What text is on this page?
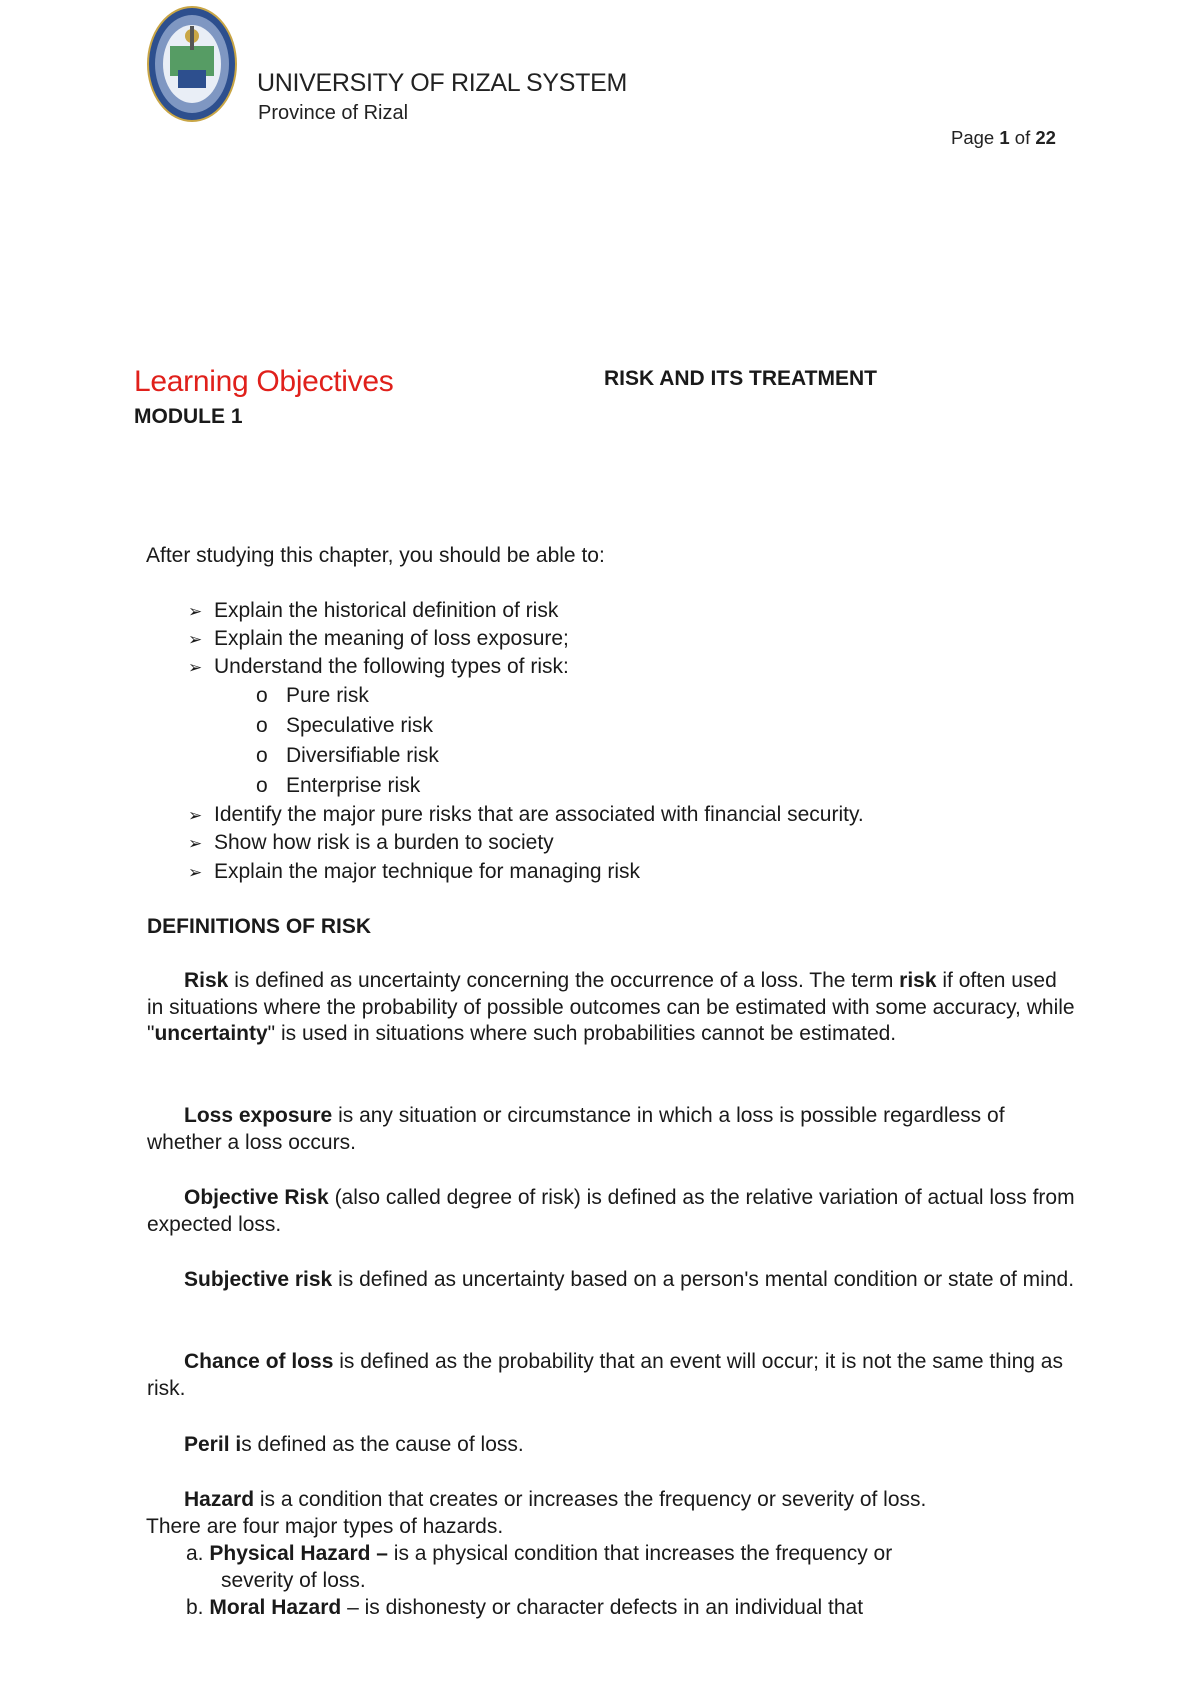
UNIVERSITY OF RIZAL SYSTEM
Province of Rizal
Page 1 of 22
Learning Objectives
MODULE 1
RISK AND ITS TREATMENT
After studying this chapter, you should be able to:
➢ Explain the historical definition of risk
➢ Explain the meaning of loss exposure;
➢ Understand the following types of risk:
o Pure risk
o Speculative risk
o Diversifiable risk
o Enterprise risk
➢ Identify the major pure risks that are associated with financial security.
➢ Show how risk is a burden to society
➢ Explain the major technique for managing risk
DEFINITIONS OF RISK
Risk is defined as uncertainty concerning the occurrence of a loss. The term risk if often used in situations where the probability of possible outcomes can be estimated with some accuracy, while "uncertainty" is used in situations where such probabilities cannot be estimated.
Loss exposure is any situation or circumstance in which a loss is possible regardless of whether a loss occurs.
Objective Risk (also called degree of risk) is defined as the relative variation of actual loss from expected loss.
Subjective risk is defined as uncertainty based on a person's mental condition or state of mind.
Chance of loss is defined as the probability that an event will occur; it is not the same thing as risk.
Peril is defined as the cause of loss.
Hazard is a condition that creates or increases the frequency or severity of loss.
There are four major types of hazards.
a. Physical Hazard – is a physical condition that increases the frequency or
severity of loss.
b. Moral Hazard – is dishonesty or character defects in an individual that
